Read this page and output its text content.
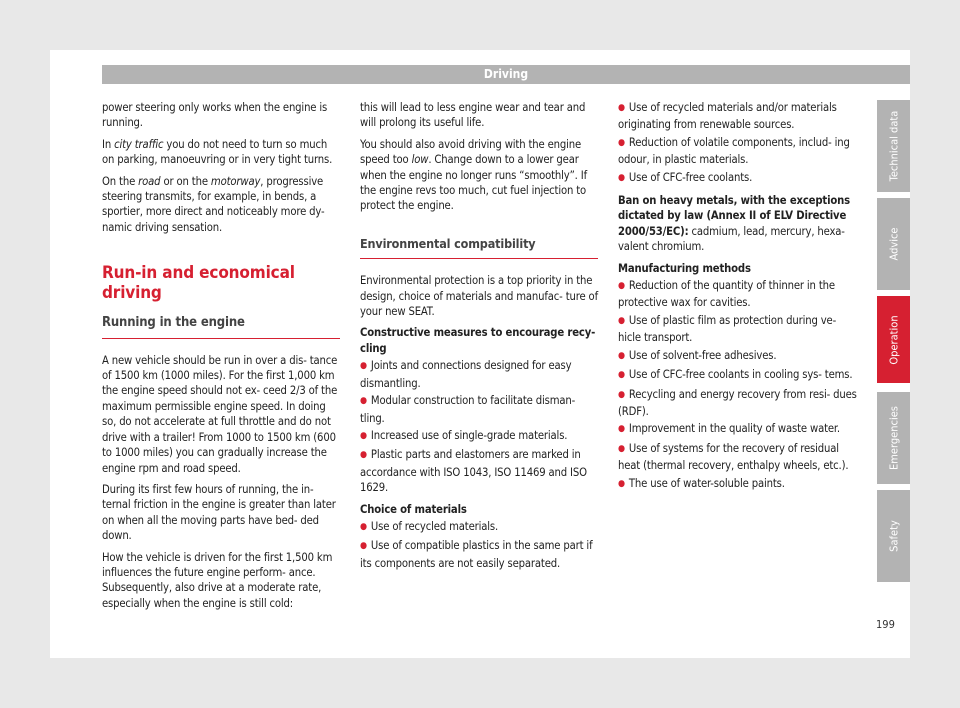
Driving

power steering only works when the engine is running.

In city traffic you do not need to turn so much on parking, manoeuvring or in very tight turns.

On the road or on the motorway, progressive steering transmits, for example, in bends, a sportier, more direct and noticeably more dy- namic driving sensation.

Run-in and economical driving
Running in the engine

A new vehicle should be run in over a dis- tance of 1500 km (1000 miles). For the first 1,000 km the engine speed should not ex- ceed 2/3 of the maximum permissible engine speed. In doing so, do not accelerate at full throttle and do not drive with a trailer! From 1000 to 1500 km (600 to 1000 miles) you can gradually increase the engine rpm and road speed.

During its first few hours of running, the in- ternal friction in the engine is greater than later on when all the moving parts have bed- ded down.

How the vehicle is driven for the first 1,500 km influences the future engine perform- ance. Subsequently, also drive at a moderate rate, especially when the engine is still cold:

this will lead to less engine wear and tear and will prolong its useful life.

You should also avoid driving with the engine speed too low. Change down to a lower gear when the engine no longer runs “smoothly”. If the engine revs too much, cut fuel injection to protect the engine.

Environmental compatibility

Environmental protection is a top priority in the design, choice of materials and manufac- ture of your new SEAT.

Constructive measures to encourage recy- cling

● Joints and connections designed for easy dismantling.

● Modular construction to facilitate disman- tling.

● Increased use of single-grade materials.

● Plastic parts and elastomers are marked in accordance with ISO 1043, ISO 11469 and ISO 1629.

Choice of materials

● Use of recycled materials.

● Use of compatible plastics in the same part if its components are not easily separated.

● Use of recycled materials and/or materials originating from renewable sources.

● Reduction of volatile components, includ- ing odour, in plastic materials.

● Use of CFC-free coolants.

Ban on heavy metals, with the exceptions dictated by law (Annex II of ELV Directive 2000/53/EC): cadmium, lead, mercury, hexa- valent chromium.

Manufacturing methods

● Reduction of the quantity of thinner in the protective wax for cavities.

● Use of plastic film as protection during ve- hicle transport.

● Use of solvent-free adhesives.

● Use of CFC-free coolants in cooling sys- tems.

● Recycling and energy recovery from resi- dues (RDF).

● Improvement in the quality of waste water.

● Use of systems for the recovery of residual heat (thermal recovery, enthalpy wheels, etc.).

● The use of water-soluble paints.

Technical data
Advice
Operation
Emergencies
Safety
199
